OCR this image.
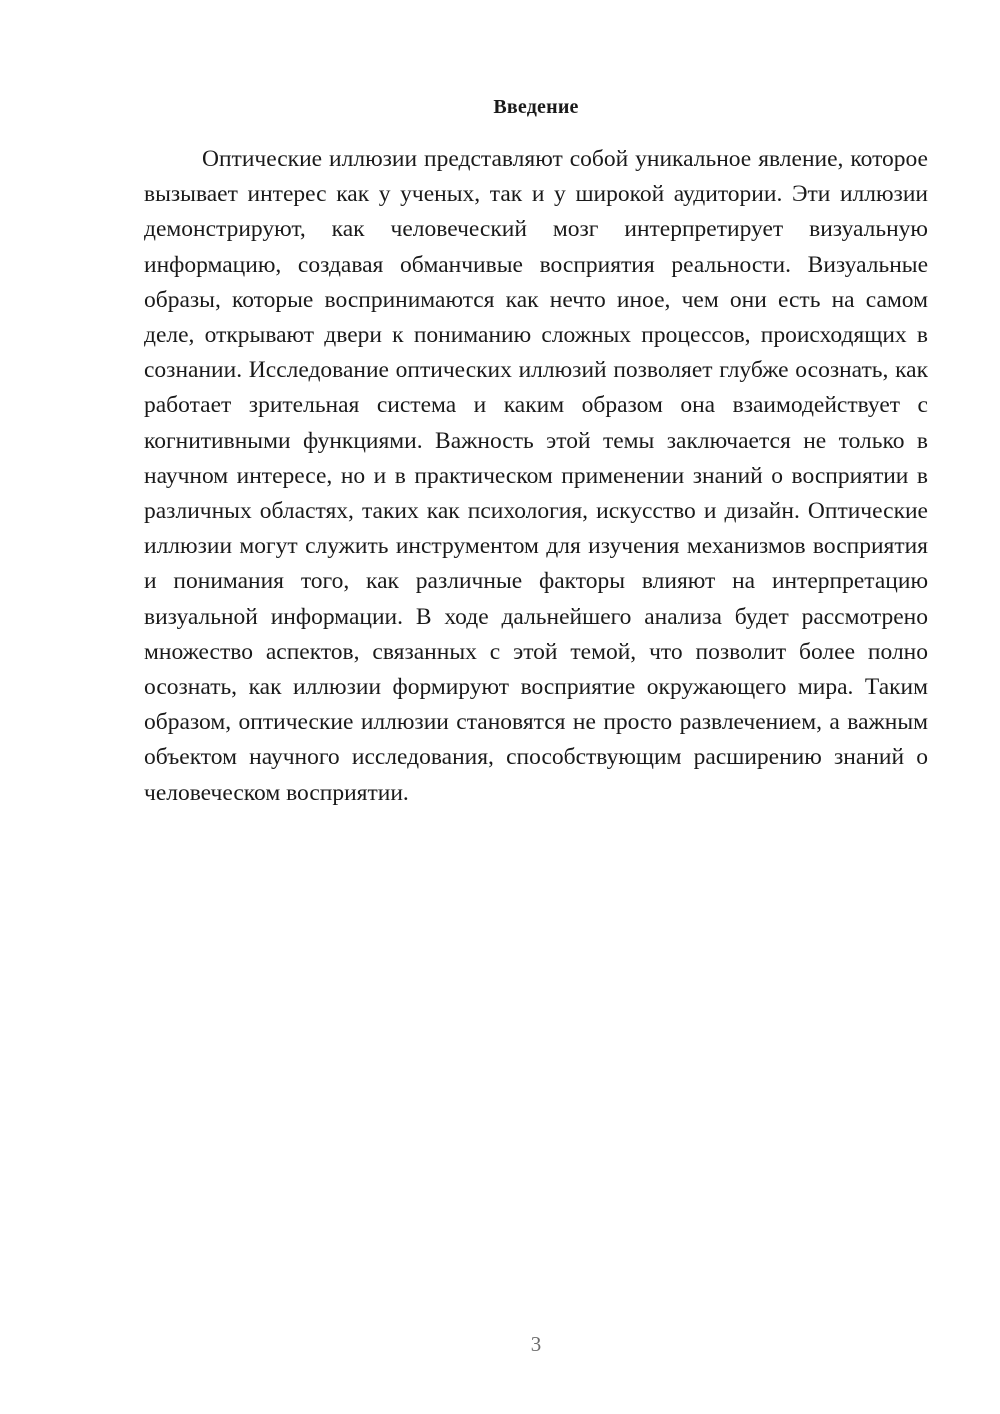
Введение

Оптические иллюзии представляют собой уникальное явление, которое вызывает интерес как у ученых, так и у широкой аудитории. Эти иллюзии демонстрируют, как человеческий мозг интерпретирует визуальную информацию, создавая обманчивые восприятия реальности. Визуальные образы, которые воспринимаются как нечто иное, чем они есть на самом деле, открывают двери к пониманию сложных процессов, происходящих в сознании. Исследование оптических иллюзий позволяет глубже осознать, как работает зрительная система и каким образом она взаимодействует с когнитивными функциями. Важность этой темы заключается не только в научном интересе, но и в практическом применении знаний о восприятии в различных областях, таких как психология, искусство и дизайн. Оптические иллюзии могут служить инструментом для изучения механизмов восприятия и понимания того, как различные факторы влияют на интерпретацию визуальной информации. В ходе дальнейшего анализа будет рассмотрено множество аспектов, связанных с этой темой, что позволит более полно осознать, как иллюзии формируют восприятие окружающего мира. Таким образом, оптические иллюзии становятся не просто развлечением, а важным объектом научного исследования, способствующим расширению знаний о человеческом восприятии.

3
